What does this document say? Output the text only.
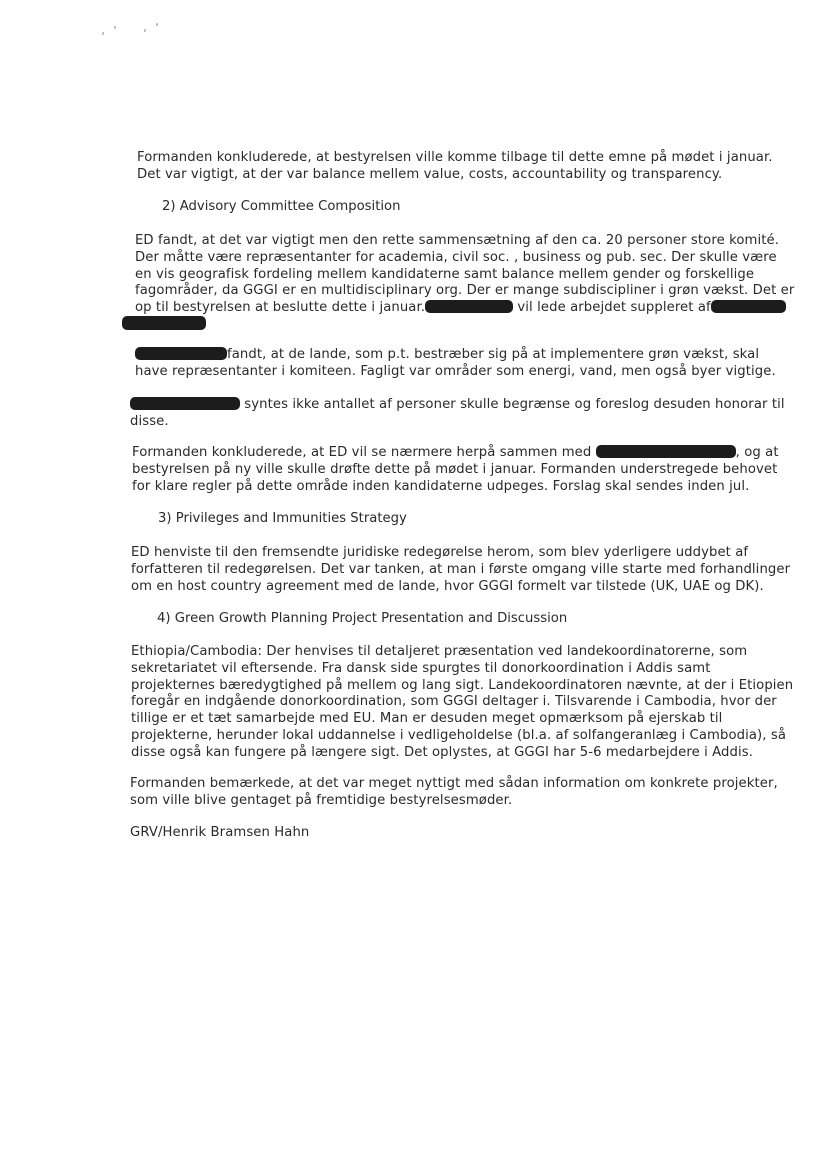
Formanden konkluderede, at bestyrelsen ville komme tilbage til dette emne på mødet i januar.
Det var vigtigt, at der var balance mellem value, costs, accountability og transparency.
2) Advisory Committee Composition
ED fandt, at det var vigtigt men den rette sammensætning af den ca. 20 personer store komité.
Der måtte være repræsentanter for academia, civil soc. , business og pub. sec. Der skulle være
en vis geografisk fordeling mellem kandidaterne samt balance mellem gender og forskellige
fagområder, da GGGI er en multidisciplinary org. Der er mange subdiscipliner i grøn vækst. Det er
op til bestyrelsen at beslutte dette i januar.	vil lede arbejdet suppleret af
fandt, at de lande, som p.t. bestræber sig på at implementere grøn vækst, skal
have repræsentanter i komiteen. Fagligt var områder som energi, vand, men også byer vigtige.
syntes ikke antallet af personer skulle begrænse og foreslog desuden honorar til
disse.
Formanden konkluderede, at ED vil se nærmere herpå sammen med	, og at
bestyrelsen på ny ville skulle drøfte dette på mødet i januar. Formanden understregede behovet
for klare regler på dette område inden kandidaterne udpeges. Forslag skal sendes inden jul.
3) Privileges and Immunities Strategy
ED henviste til den fremsendte juridiske redegørelse herom, som blev yderligere uddybet af
forfatteren til redegørelsen. Det var tanken, at man i første omgang ville starte med forhandlinger
om en host country agreement med de lande, hvor GGGI formelt var tilstede (UK, UAE og DK).
4) Green Growth Planning Project Presentation and Discussion
Ethiopia/Cambodia: Der henvises til detaljeret præsentation ved landekoordinatorerne, som
sekretariatet vil eftersende. Fra dansk side spurgtes til donorkoordination i Addis samt
projekternes bæredygtighed på mellem og lang sigt. Landekoordinatoren nævnte, at der i Etiopien
foregår en indgående donorkoordination, som GGGI deltager i. Tilsvarende i Cambodia, hvor der
tillige er et tæt samarbejde med EU. Man er desuden meget opmærksom på ejerskab til
projekterne, herunder lokal uddannelse i vedligeholdelse (bl.a. af solfangeranlæg i Cambodia), så
disse også kan fungere på længere sigt. Det oplystes, at GGGI har 5-6 medarbejdere i Addis.
Formanden bemærkede, at det var meget nyttigt med sådan information om konkrete projekter,
som ville blive gentaget på fremtidige bestyrelsesmøder.
GRV/Henrik Bramsen Hahn
